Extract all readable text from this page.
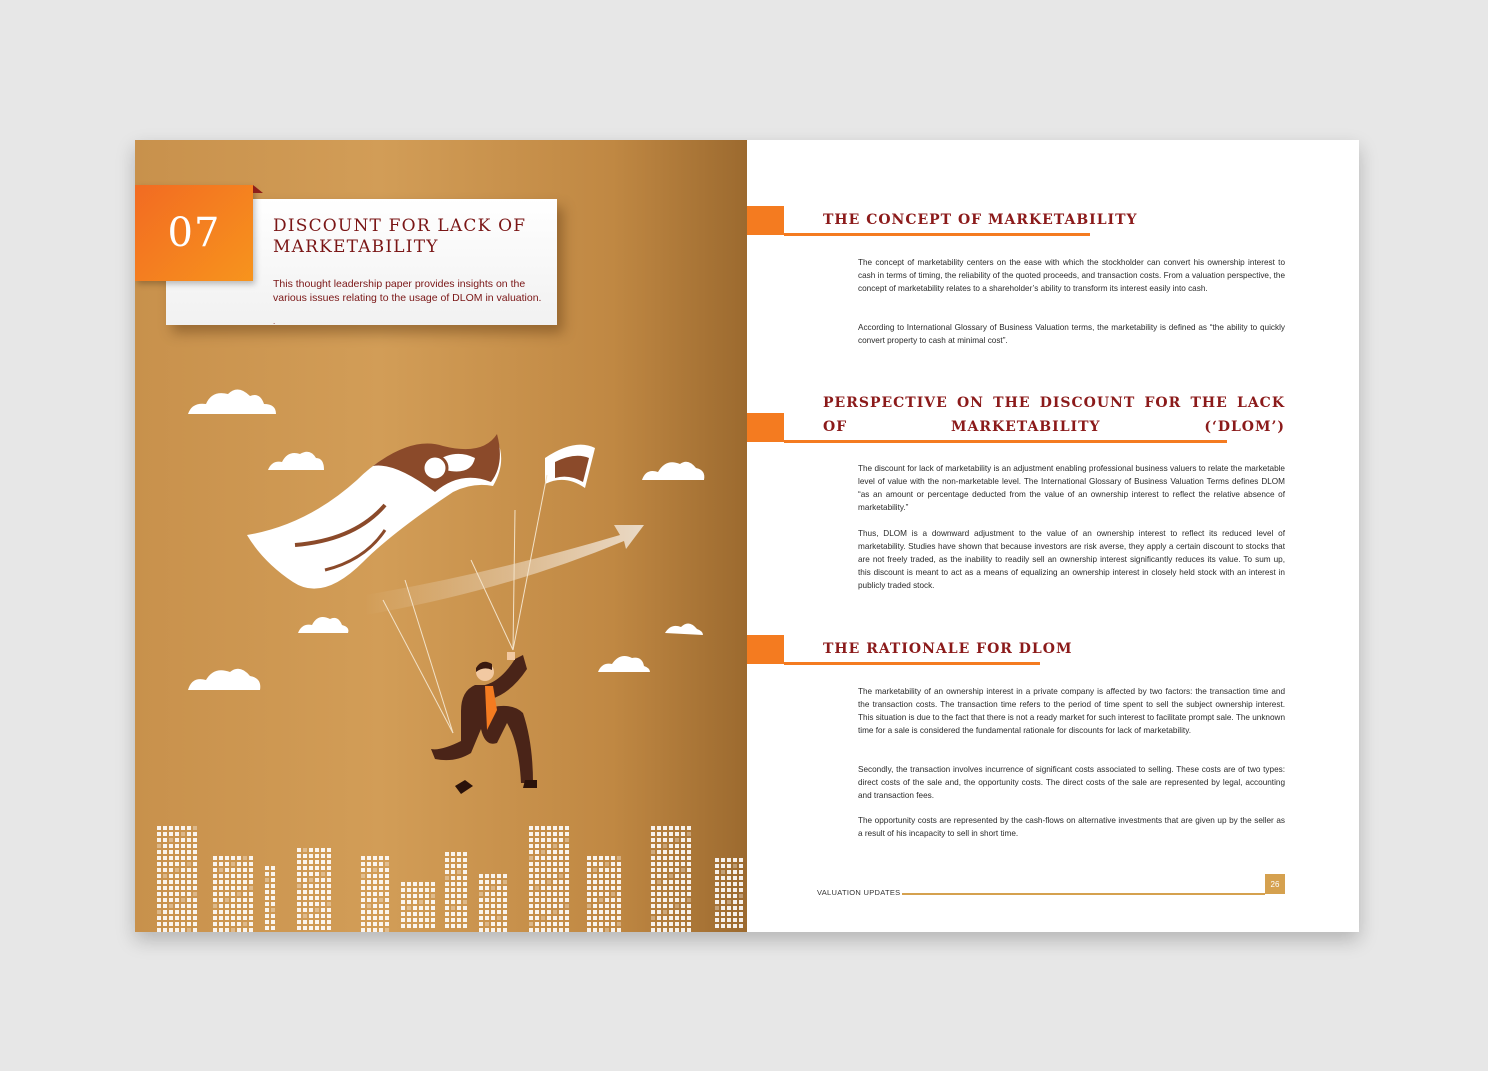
DISCOUNT FOR LACK OF MARKETABILITY

This thought leadership paper provides insights on the various issues relating to the usage of DLOM in valuation.

.
07	THE CONCEPT OF MARKETABILITY

The concept of marketability centers on the ease with which the stockholder can convert his ownership interest to cash in terms of timing, the reliability of the quoted proceeds, and transaction costs. From a valuation perspective, the concept of marketability relates to a shareholder’s ability to transform its interest easily into cash.

According to International Glossary of Business Valuation terms, the marketability is defined as “the ability to quickly convert property to cash at minimal cost”.

PERSPECTIVE ON THE DISCOUNT FOR THE LACK OF MARKETABILITY (‘DLOM’)

The discount for lack of marketability is an adjustment enabling professional business valuers to relate the marketable level of value with the non-marketable level. The International Glossary of Business Valuation Terms defines DLOM “as an amount or percentage deducted from the value of an ownership interest to reflect the relative absence of marketability.”

Thus, DLOM is a downward adjustment to the value of an ownership interest to reflect its reduced level of marketability. Studies have shown that because investors are risk averse, they apply a certain discount to stocks that are not freely traded, as the inability to readily sell an ownership interest significantly reduces its value. To sum up, this discount is meant to act as a means of equalizing an ownership interest in closely held stock with an interest in publicly traded stock.

THE RATIONALE FOR DLOM

The marketability of an ownership interest in a private company is affected by two factors: the transaction time and the transaction costs. The transaction time refers to the period of time spent to sell the subject ownership interest. This situation is due to the fact that there is not a ready market for such interest to facilitate prompt sale. The unknown time for a sale is considered the fundamental rationale for discounts for lack of marketability.

Secondly, the transaction involves incurrence of significant costs associated to selling. These costs are of two types: direct costs of the sale and, the opportunity costs. The direct costs of the sale are represented by legal, accounting and transaction fees.

The opportunity costs are represented by the cash-flows on alternative investments that are given up by the seller as a result of his incapacity to sell in short time.

VALUATION UPDATES
26
